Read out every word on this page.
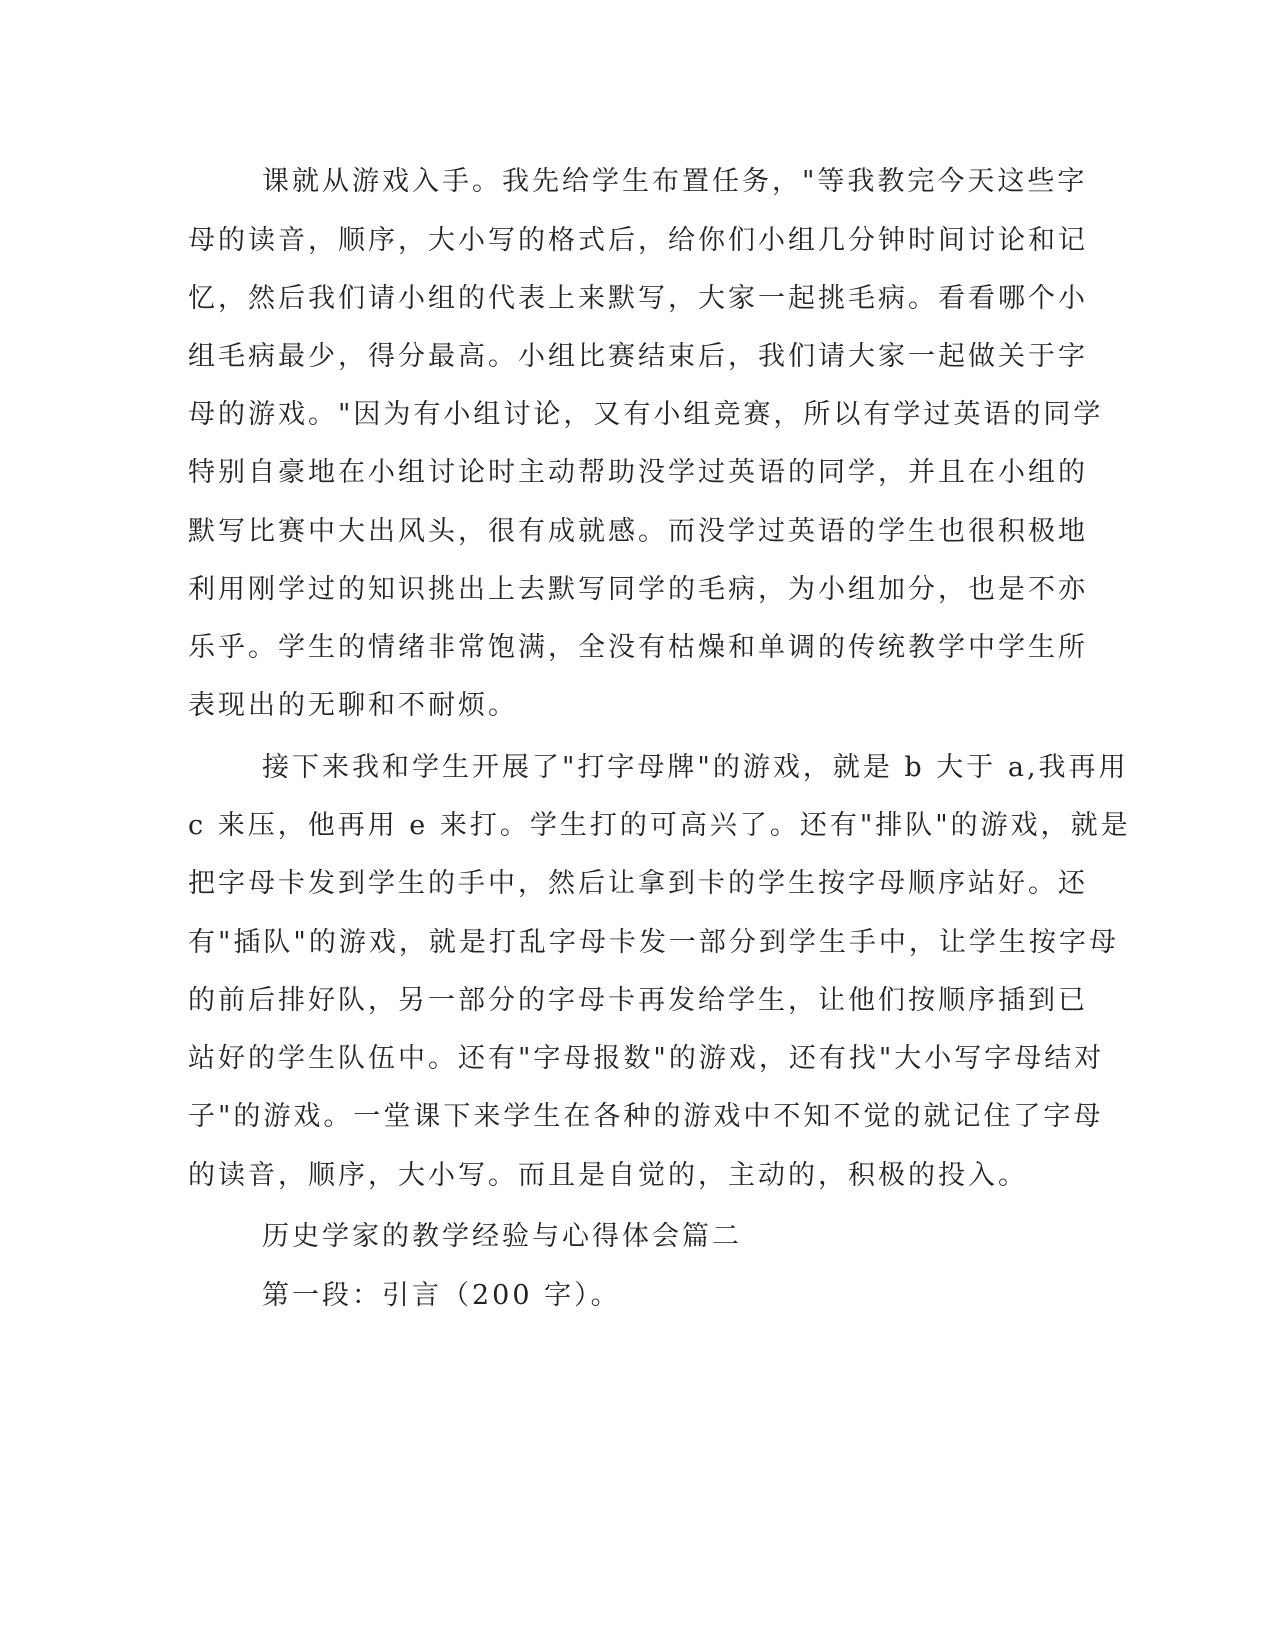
课就从游戏入手。我先给学生布置任务，"等我教完今天这些字
母的读音，顺序，大小写的格式后，给你们小组几分钟时间讨论和记
忆，然后我们请小组的代表上来默写，大家一起挑毛病。看看哪个小
组毛病最少，得分最高。小组比赛结束后，我们请大家一起做关于字
母的游戏。"因为有小组讨论，又有小组竞赛，所以有学过英语的同学
特别自豪地在小组讨论时主动帮助没学过英语的同学，并且在小组的
默写比赛中大出风头，很有成就感。而没学过英语的学生也很积极地
利用刚学过的知识挑出上去默写同学的毛病，为小组加分，也是不亦
乐乎。学生的情绪非常饱满，全没有枯燥和单调的传统教学中学生所
表现出的无聊和不耐烦。
接下来我和学生开展了"打字母牌"的游戏，就是 b 大于 a,我再用
c 来压，他再用 e 来打。学生打的可高兴了。还有"排队"的游戏，就是
把字母卡发到学生的手中，然后让拿到卡的学生按字母顺序站好。还
有"插队"的游戏，就是打乱字母卡发一部分到学生手中，让学生按字母
的前后排好队，另一部分的字母卡再发给学生，让他们按顺序插到已
站好的学生队伍中。还有"字母报数"的游戏，还有找"大小写字母结对
子"的游戏。一堂课下来学生在各种的游戏中不知不觉的就记住了字母
的读音，顺序，大小写。而且是自觉的，主动的，积极的投入。
历史学家的教学经验与心得体会篇二
第一段：引言（200 字）。
